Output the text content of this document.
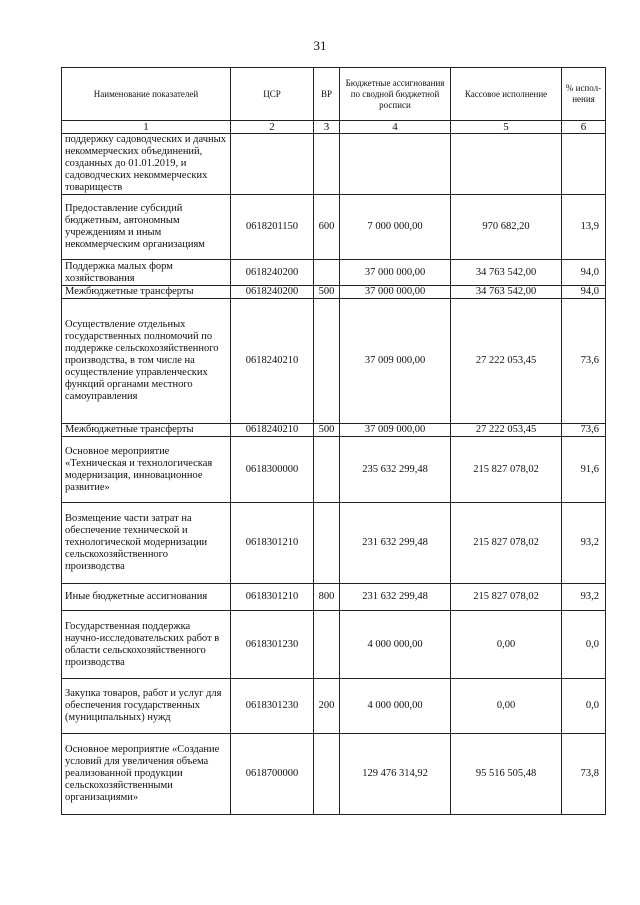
31
Наименование показателей	ЦСР	ВР	Бюджетные ассигнования по сводной бюджетной росписи	Кассовое исполнение	% испол-нения
1	2	3	4	5	6
поддержку садоводческих и дачных некоммерческих объединений, созданных до 01.01.2019, и садоводческих некоммерческих товариществ					
Предоставление субсидий бюджетным, автономным учреждениям и иным некоммерческим организациям	0618201150	600	7 000 000,00	970 682,20	13,9
Поддержка малых форм хозяйствования	0618240200		37 000 000,00	34 763 542,00	94,0
Межбюджетные трансферты	0618240200	500	37 000 000,00	34 763 542,00	94,0
Осуществление отдельных государственных полномочий по поддержке сельскохозяйственного производства, в том числе на осуществление управленческих функций органами местного самоуправления	0618240210		37 009 000,00	27 222 053,45	73,6
Межбюджетные трансферты	0618240210	500	37 009 000,00	27 222 053,45	73,6
Основное мероприятие «Техническая и технологическая модернизация, инновационное развитие»	0618300000		235 632 299,48	215 827 078,02	91,6
Возмещение части затрат на обеспечение технической и технологической модернизации сельскохозяйственного производства	0618301210		231 632 299,48	215 827 078,02	93,2
Иные бюджетные ассигнования	0618301210	800	231 632 299,48	215 827 078,02	93,2
Государственная поддержка научно-исследовательских работ в области сельскохозяйственного производства	0618301230		4 000 000,00	0,00	0,0
Закупка товаров, работ и услуг для обеспечения государственных (муниципальных) нужд	0618301230	200	4 000 000,00	0,00	0,0
Основное мероприятие «Создание условий для увеличения объема реализованной продукции сельскохозяйственными организациями»	0618700000		129 476 314,92	95 516 505,48	73,8
